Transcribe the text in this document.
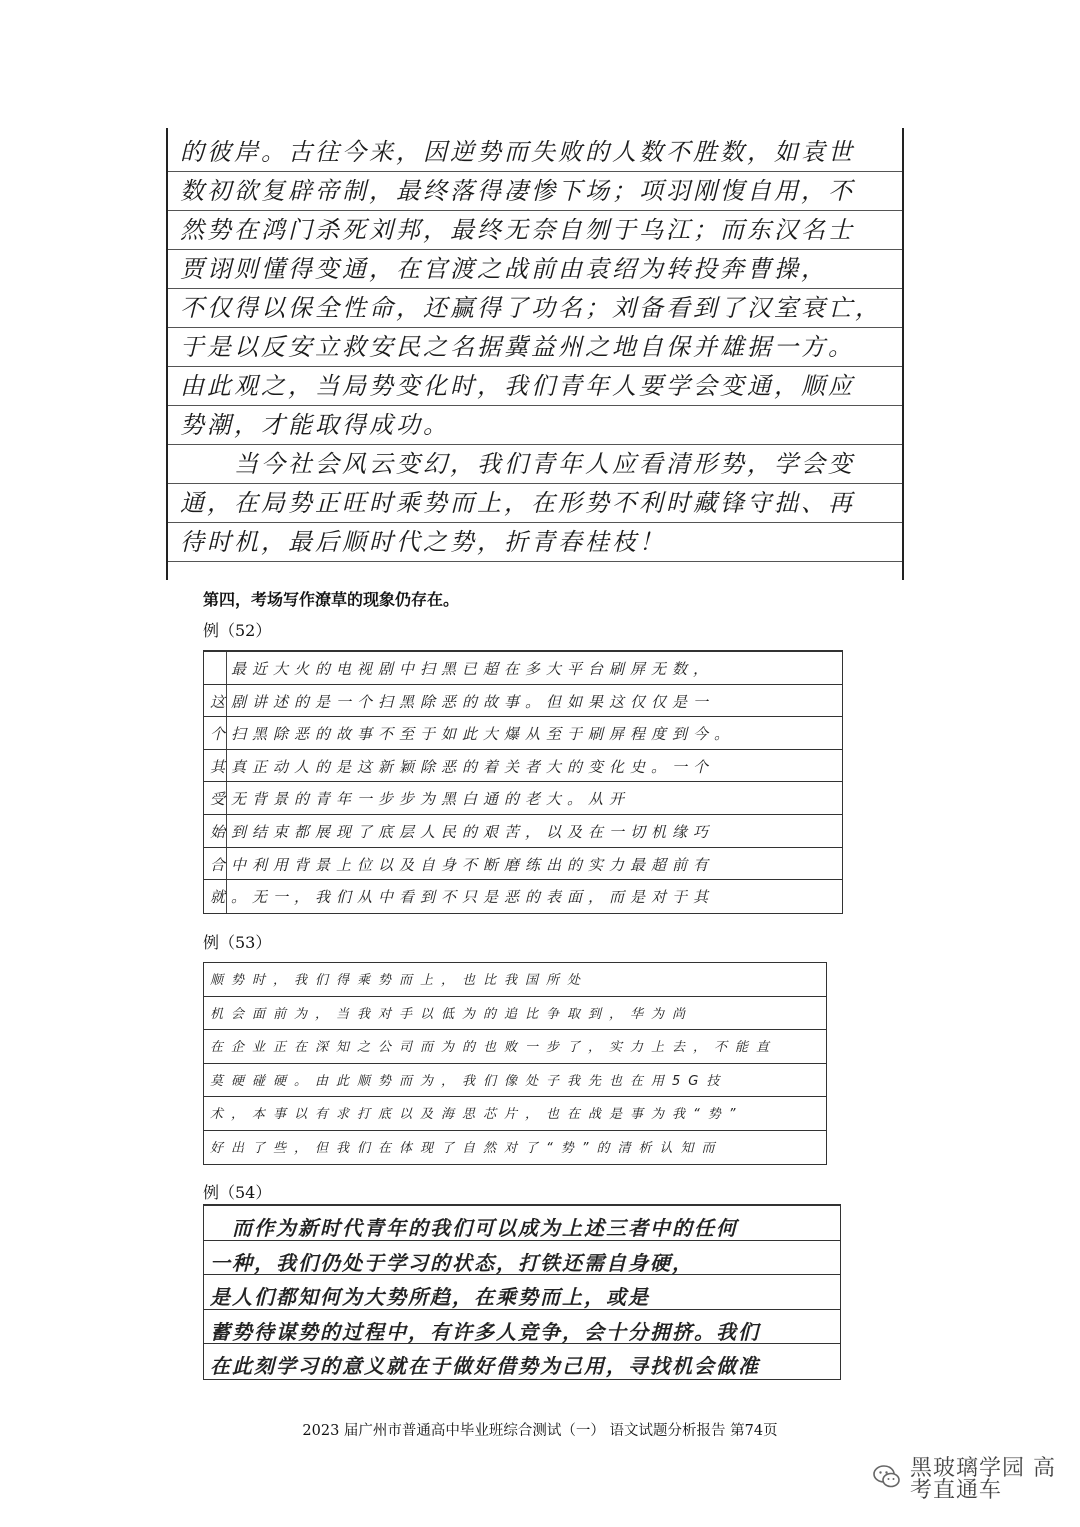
的彼岸。古往今来，因逆势而失败的人数不胜数，如袁世
数初欲复辟帝制，最终落得凄惨下场；项羽刚愎自用，不
然势在鸿门杀死刘邦，最终无奈自刎于乌江；而东汉名士
贾诩则懂得变通，在官渡之战前由袁绍为转投奔曹操，
不仅得以保全性命，还赢得了功名；刘备看到了汉室衰亡，
于是以反安立救安民之名据冀益州之地自保并雄据一方。
由此观之，当局势变化时，我们青年人要学会变通，顺应
势潮，才能取得成功。
　　当今社会风云变幻，我们青年人应看清形势，学会变
通，在局势正旺时乘势而上，在形势不利时藏锋守拙、再
待时机，最后顺时代之势，折青春桂枝！
第四，考场写作潦草的现象仍存在。
例（52）
　最近大火的电视剧中扫黑已超在多大平台刷屏无数，
这剧讲述的是一个扫黑除恶的故事。但如果这仅仅是一
个扫黑除恶的故事不至于如此大爆从至于刷屏程度到今。
其真正动人的是这新颖除恶的着关者大的变化史。一个
受无背景的青年一步步为黑白通的老大。从开
始到结束都展现了底层人民的艰苦，以及在一切机缘巧
合中利用背景上位以及自身不断磨练出的实力最超前有
就。无一，我们从中看到不只是恶的表面，而是对于其
例（53）
顺势时，我们得乘势而上，也比我国所处
机会面前为，当我对手以低为的追比争取到，华为尚
在企业正在深知之公司而为的也败一步了，实力上去，不能直
莫硬碰硬。由此顺势而为，我们像处子我先也在用5G技
术，本事以有求打底以及海思芯片，也在战是事为我“势”
好出了些，但我们在体现了自然对了“势”的清析认知而
例（54）
　而作为新时代青年的我们可以成为上述三者中的任何
一种，我们仍处于学习的状态，打铁还需自身硬，
是人们都知何为大势所趋，在乘势而上，或是
蓄势待谋势的过程中，有许多人竞争，会十分拥挤。我们
在此刻学习的意义就在于做好借势为己用，寻找机会做准
2023 届广州市普通高中毕业班综合测试（一） 语文试题分析报告 第74页
黑玻璃学园 高考直通车
